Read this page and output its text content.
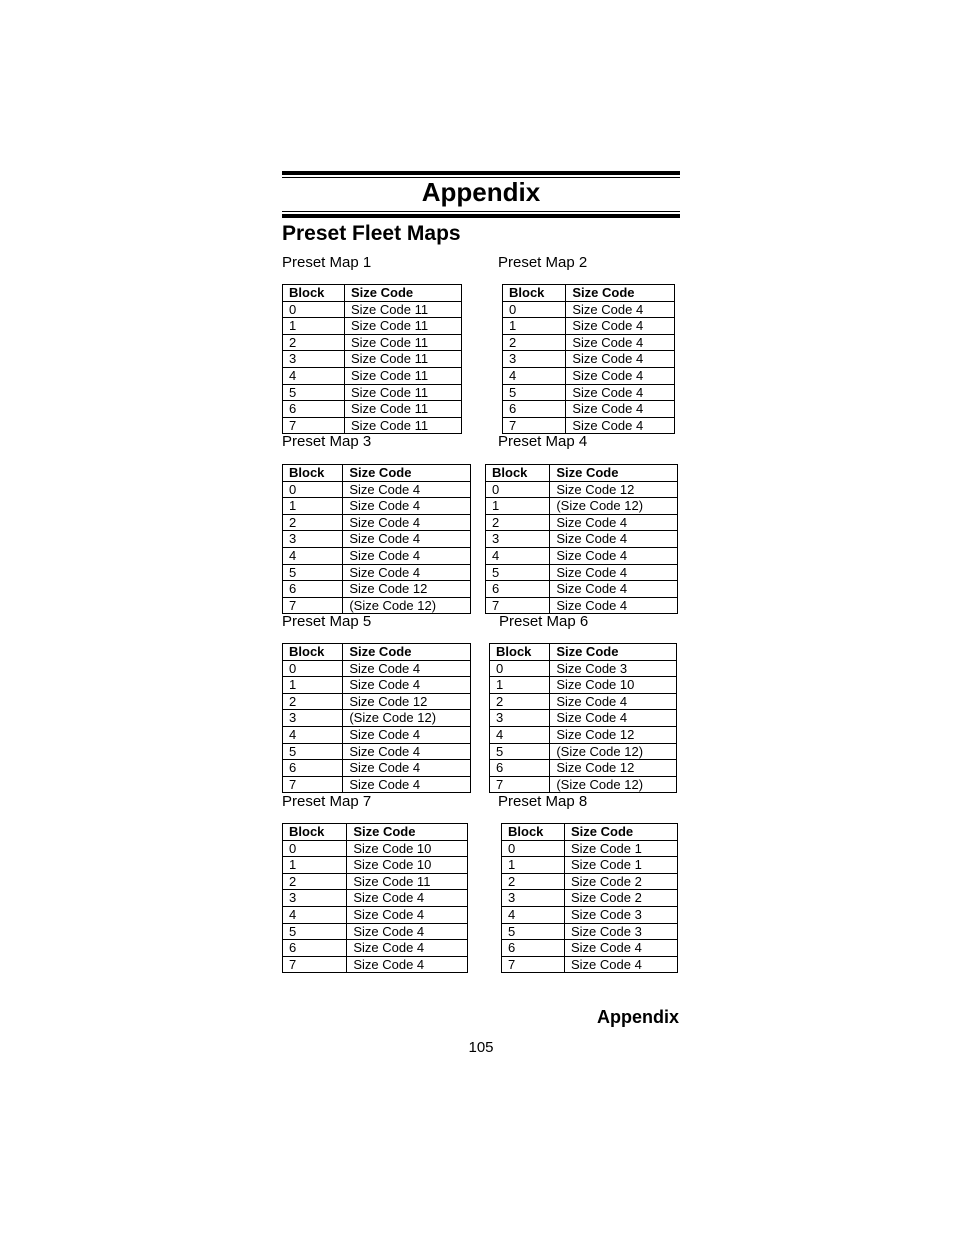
Appendix
Preset Fleet Maps
Preset Map 1
Block	Size Code
0	Size Code 11
1	Size Code 11
2	Size Code 11
3	Size Code 11
4	Size Code 11
5	Size Code 11
6	Size Code 11
7	Size Code 11
Preset Map 2
Block	Size Code
0	Size Code 4
1	Size Code 4
2	Size Code 4
3	Size Code 4
4	Size Code 4
5	Size Code 4
6	Size Code 4
7	Size Code 4
Preset Map 3
Block	Size Code
0	Size Code 4
1	Size Code 4
2	Size Code 4
3	Size Code 4
4	Size Code 4
5	Size Code 4
6	Size Code 12
7	(Size Code 12)
Preset Map 4
Block	Size Code
0	Size Code 12
1	(Size Code 12)
2	Size Code 4
3	Size Code 4
4	Size Code 4
5	Size Code 4
6	Size Code 4
7	Size Code 4
Preset Map 5
Block	Size Code
0	Size Code 4
1	Size Code 4
2	Size Code 12
3	(Size Code 12)
4	Size Code 4
5	Size Code 4
6	Size Code 4
7	Size Code 4
Preset Map 6
Block	Size Code
0	Size Code 3
1	Size Code 10
2	Size Code 4
3	Size Code 4
4	Size Code 12
5	(Size Code 12)
6	Size Code 12
7	(Size Code 12)
Preset Map 7
Block	Size Code
0	Size Code 10
1	Size Code 10
2	Size Code 11
3	Size Code 4
4	Size Code 4
5	Size Code 4
6	Size Code 4
7	Size Code 4
Preset Map 8
Block	Size Code
0	Size Code 1
1	Size Code 1
2	Size Code 2
3	Size Code 2
4	Size Code 3
5	Size Code 3
6	Size Code 4
7	Size Code 4
Appendix
105
